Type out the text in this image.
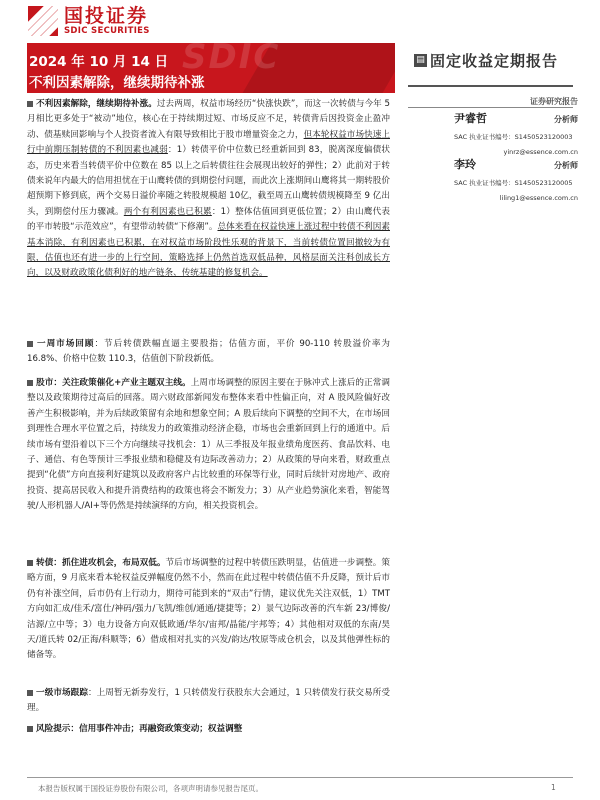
国投证券
SDIC SECURITIES
SDIC
2024 年 10 月 14 日
不利因素解除，继续期待补涨
▤ 固定收益定期报告
证券研究报告
尹睿哲	分析师
SAC 执业证书编号：S1450523120003
yinrz@essence.com.cn
李玲	分析师
SAC 执业证书编号：S1450523120005
liling1@essence.com.cn
不利因素解除，继续期待补涨。过去两周，权益市场经历“快涨快跌”，而这一次转债与今年 5 月相比更多处于“被动”地位，核心在于持续期过短、市场反应不足，转债背后因投资金止盈冲动、债基赎回影响与个人投资者流入有限导致相比于股市增量资金之力，但本轮权益市场快速上行中前期压制转债的不利因素也减弱：1）转债平价中位数已经重新回到 83，脱离深度偏债状态，历史来看当转债平价中位数在 85 以上之后转债往往会展现出较好的弹性；2）此前对于转债来说年内最大的信用担忧在于山鹰转债的到期偿付问题，而此次上涨期间山鹰将其一期转股价超预期下修到底，两个交易日溢价率随之转股规模超 10亿，截至周五山鹰转债规模降至 9 亿出头，到期偿付压力骤减。两个有利因素也已积累：1）整体估值回到更低位置；2）由山鹰代表的平市转股“示范效应”，有望带动转债“下修潮”。总体来看在权益快速上涨过程中转债不利因素基本消除，有利因素也已积累，在对权益市场阶段性乐观的背景下，当前转债位置回撤较为有限，估值也还有进一步的上行空间，策略选择上仍然首选双低品种，风格层面关注科创成长方向，以及财政政策化债利好的地产链条、传统基建的修复机会。
一周市场回顾：节后转债跌幅直逼主要股指；估值方面，平价 90-110 转股溢价率为 16.8%、价格中位数 110.3，估值创下阶段新低。
股市：关注政策催化+产业主题双主线。上周市场调整的原因主要在于脉冲式上涨后的正常调整以及政策期待过高后的回落。周六财政部新闻发布整体来看中性偏正向，对 A 股风险偏好改善产生积极影响，并为后续政策留有余地和想象空间；A 股后续向下调整的空间不大，在市场回到理性合理水平位置之后，持续发力的政策推动经济企稳，市场也会重新回到上行的通道中。后续市场有望沿着以下三个方向继续寻找机会：1）从三季报及年报业绩角度医药、食品饮料、电子、通信、有色等预计三季报业绩和稳健及有边际改善动力；2）从政策的导向来看，财政重点提到“化债”方向直接利好建筑以及政府客户占比较重的环保等行业，同时后续针对房地产、政府投资、提高居民收入和提升消费结构的政策也将会不断发力；3）从产业趋势演化来看，智能驾驶/人形机器人/AI+等仍然是持续演绎的方向，相关投资机会。
转债：抓住进攻机会，布局双低。节后市场调整的过程中转债压跌明显，估值进一步调整。策略方面，9 月底来看本轮权益反弹幅度仍然不小，然而在此过程中转债估值不升反降，预计后市仍有补涨空间，后市仍有上行动力，期待可能到来的“双击”行情，建议优先关注双低，1）TMT 方向如汇成/佳禾/富仕/神码/强力/飞凯/维创/通通/捷捷等；2）景气边际改善的汽车新 23/博俊/洁源/立中等；3）电力设备方向双低欧通/华尔/宙邦/晶能/宇邦等；4）其他相对双低的东南/昊天/道氏转 02/正海/科顺等；6）借成相对扎实的兴发/韵达/牧原等成仓机会，以及其他弹性标的储备等。
一级市场跟踪：上周暂无新券发行，1 只转债发行获股东大会通过，1 只转债发行获交易所受理。
风险提示：信用事件冲击；再融资政策变动；权益调整
本报告版权属于国投证券股份有限公司，各项声明请参见报告尾页。	1
